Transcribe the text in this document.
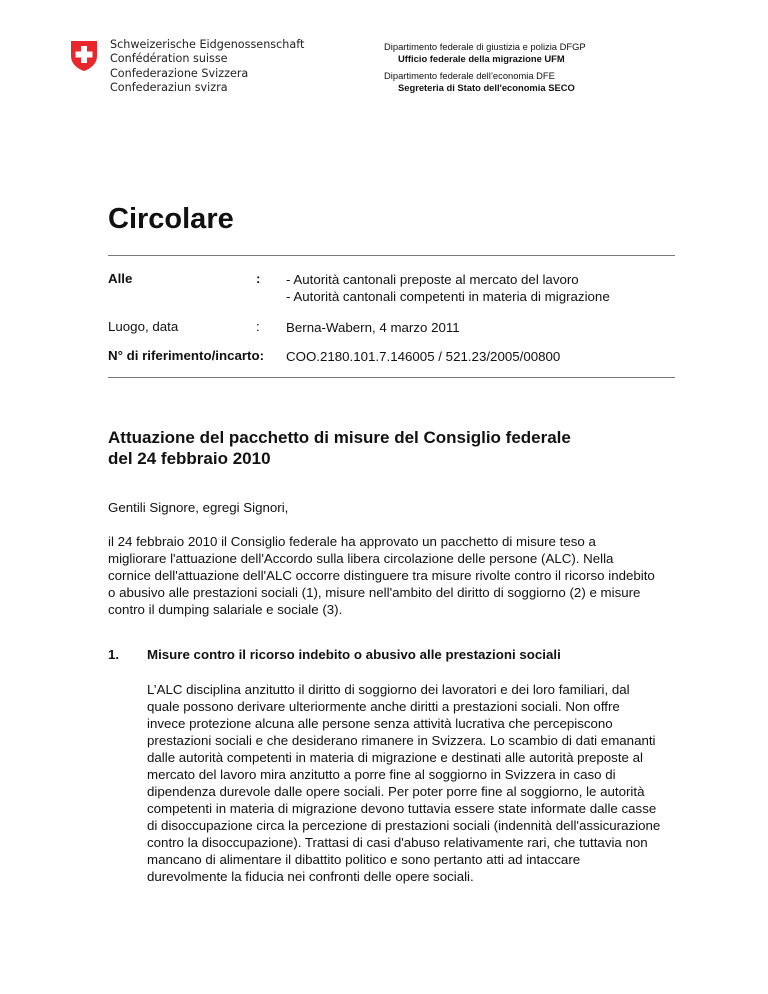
Schweizerische Eidgenossenschaft
Confédération suisse
Confederazione Svizzera
Confederaziun svizra
Dipartimento federale di giustizia e polizia DFGP
Ufficio federale della migrazione UFM
Dipartimento federale dell’economia DFE
Segreteria di Stato dell'economia SECO
Circolare
Alle	: - Autorità cantonali preposte al mercato del lavoro
- Autorità cantonali competenti in materia di migrazione
Luogo, data	: Berna-Wabern, 4 marzo 2011
N° di riferimento/incarto: COO.2180.101.7.146005 / 521.23/2005/00800
Attuazione del pacchetto di misure del Consiglio federale
del 24 febbraio 2010
Gentili Signore, egregi Signori,
il 24 febbraio 2010 il Consiglio federale ha approvato un pacchetto di misure teso a
migliorare l'attuazione dell'Accordo sulla libera circolazione delle persone (ALC). Nella
cornice dell'attuazione dell'ALC occorre distinguere tra misure rivolte contro il ricorso indebito
o abusivo alle prestazioni sociali (1), misure nell'ambito del diritto di soggiorno (2) e misure
contro il dumping salariale e sociale (3).
1. Misure contro il ricorso indebito o abusivo alle prestazioni sociali
L’ALC disciplina anzitutto il diritto di soggiorno dei lavoratori e dei loro familiari, dal
quale possono derivare ulteriormente anche diritti a prestazioni sociali. Non offre
invece protezione alcuna alle persone senza attività lucrativa che percepiscono
prestazioni sociali e che desiderano rimanere in Svizzera. Lo scambio di dati emananti
dalle autorità competenti in materia di migrazione e destinati alle autorità preposte al
mercato del lavoro mira anzitutto a porre fine al soggiorno in Svizzera in caso di
dipendenza durevole dalle opere sociali. Per poter porre fine al soggiorno, le autorità
competenti in materia di migrazione devono tuttavia essere state informate dalle casse
di disoccupazione circa la percezione di prestazioni sociali (indennità dell'assicurazione
contro la disoccupazione). Trattasi di casi d'abuso relativamente rari, che tuttavia non
mancano di alimentare il dibattito politico e sono pertanto atti ad intaccare
durevolmente la fiducia nei confronti delle opere sociali.
